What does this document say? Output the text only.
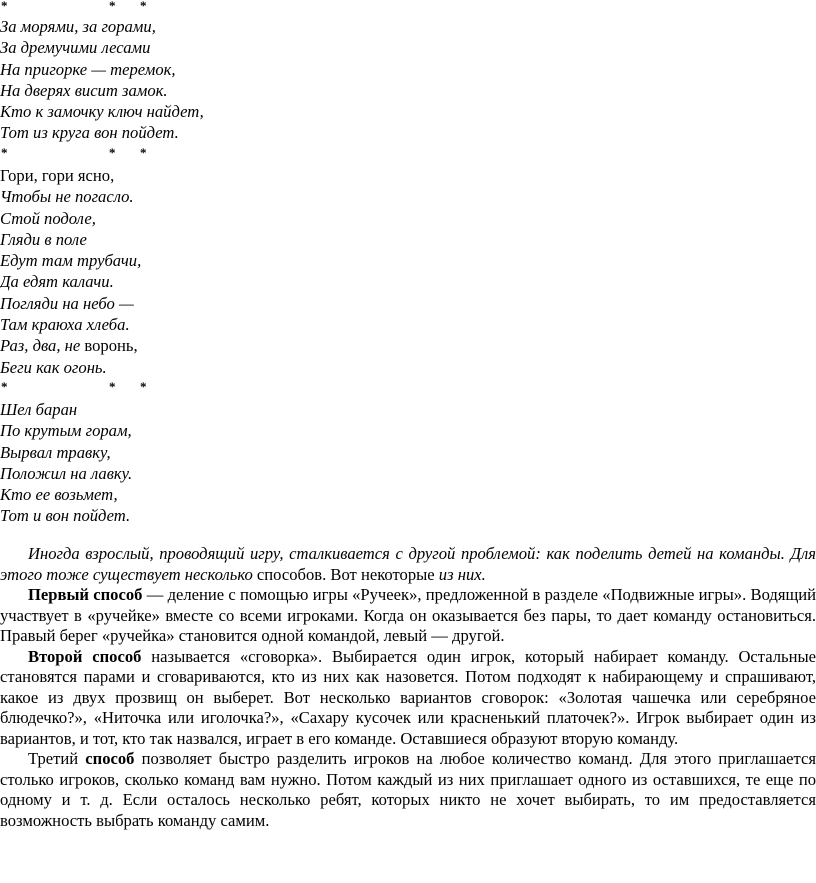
*	* *
За морями, за горами,
За дремучими лесами
На пригорке — теремок,
На дверях висит замок.
Кто к замочку ключ найдет,
Тот из круга вон пойдет.
*	* *
Гори, гори ясно,
Чтобы не погасло.
Стой подоле,
Гляди в поле
Едут там трубачи,
Да едят калачи.
Погляди на небо —
Там краюха хлеба.
Раз, два, не воронь,
Беги как огонь.
*	* *
Шел баран
По крутым горам,
Вырвал травку,
Положил на лавку.
Кто ее возьмет,
Тот и вон пойдет.

Иногда взрослый, проводящий игру, сталкивается с другой проблемой: как поделить детей на команды. Для этого тоже существует несколько способов. Вот некоторые из них.

Первый способ — деление с помощью игры «Ручеек», предложенной в разделе «Подвижные игры». Водящий участвует в «ручейке» вместе со всеми игроками. Когда он оказывается без пары, то дает команду остановиться. Правый берег «ручейка» становится одной командой, левый — другой.

Второй способ называется «сговорка». Выбирается один игрок, который набирает команду. Остальные становятся парами и сговариваются, кто из них как назовется. Потом подходят к набирающему и спрашивают, какое из двух прозвищ он выберет. Вот несколько вариантов сговорок: «Золотая чашечка или серебряное блюдечко?», «Ниточка или иголочка?», «Сахару кусочек или красненький платочек?». Игрок выбирает один из вариантов, и тот, кто так назвался, играет в его команде. Оставшиеся образуют вторую команду.

Третий способ позволяет быстро разделить игроков на любое количество команд. Для этого приглашается столько игроков, сколько команд вам нужно. Потом каждый из них приглашает одного из оставшихся, те еще по одному и т. д. Если осталось несколько ребят, которых никто не хочет выбирать, то им предоставляется возможность выбрать команду самим.
